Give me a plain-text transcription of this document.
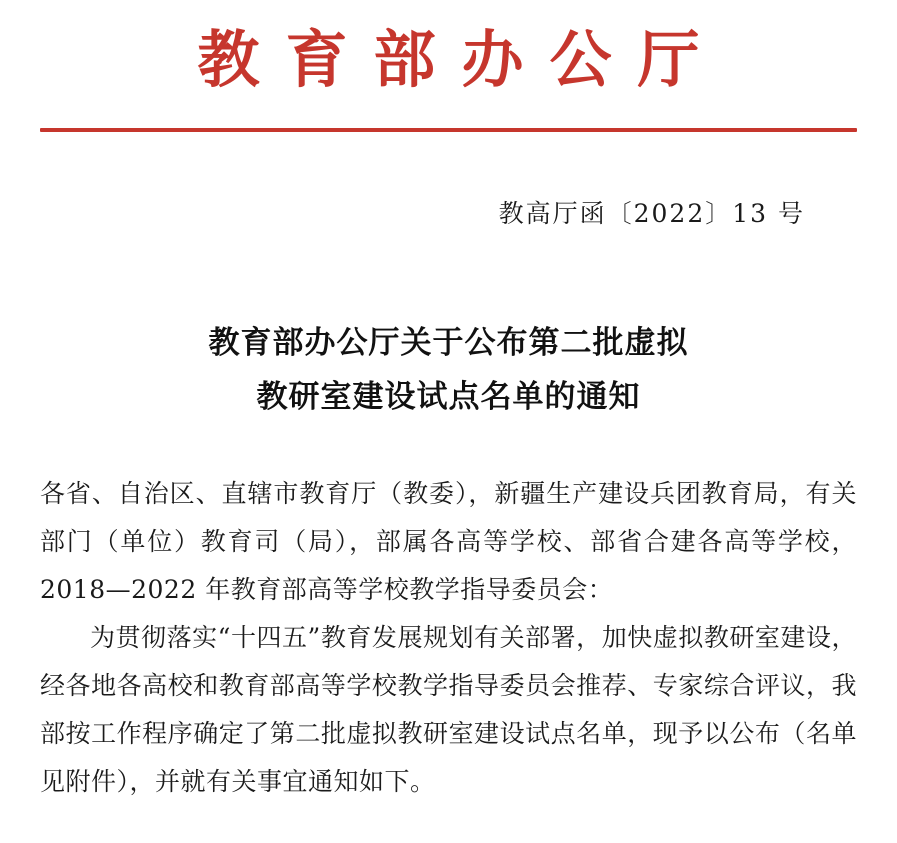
教育部办公厅
教高厅函〔2022〕13 号
教育部办公厅关于公布第二批虚拟
教研室建设试点名单的通知

各省、自治区、直辖市教育厅（教委），新疆生产建设兵团教育局，有关部门（单位）教育司（局），部属各高等学校、部省合建各高等学校，2018—2022 年教育部高等学校教学指导委员会：

为贯彻落实“十四五”教育发展规划有关部署，加快虚拟教研室建设，经各地各高校和教育部高等学校教学指导委员会推荐、专家综合评议，我部按工作程序确定了第二批虚拟教研室建设试点名单，现予以公布（名单见附件），并就有关事宜通知如下。
